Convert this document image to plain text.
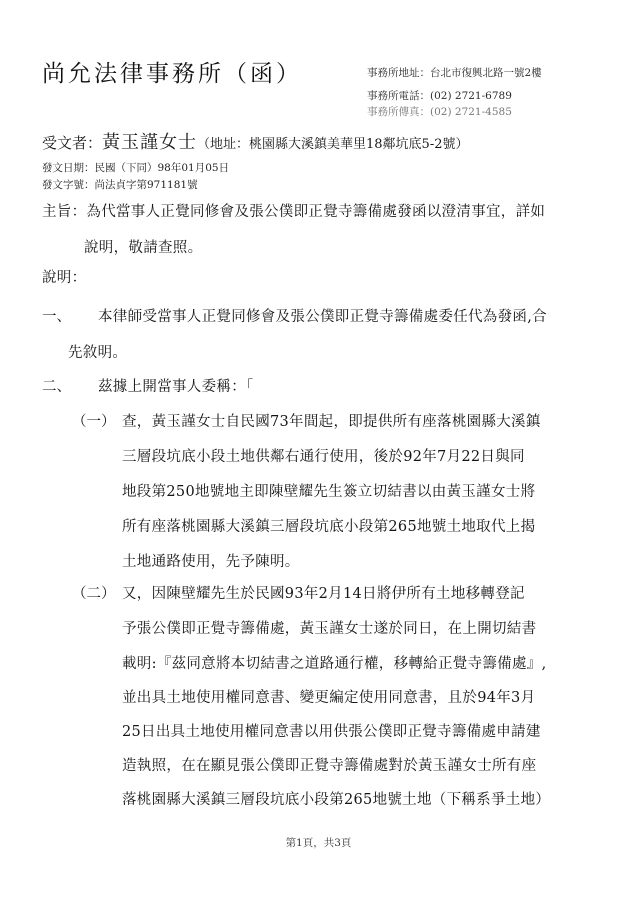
尚允法律事務所（函）	事務所地址：台北市復興北路一號2樓
事務所電話：(02) 2721-6789
事務所傳真：(02) 2721-4585
受文者：黃玉謹女士（地址：桃園縣大溪鎮美華里18鄰坑底5-2號）
發文日期：民國（下同）98年01月05日
發文字號：尚法貞字第971181號
主旨：為代當事人正覺同修會及張公僕即正覺寺籌備處發函以澄清事宜，詳如
說明，敬請查照。
說明：
一、 本律師受當事人正覺同修會及張公僕即正覺寺籌備處委任代為發函,合
先敘明。
二、 茲據上開當事人委稱：「
（一） 查，黃玉謹女士自民國73年間起，即提供所有座落桃園縣大溪鎮
三層段坑底小段土地供鄰右通行使用，後於92年7月22日與同
地段第250地號地主即陳壁耀先生簽立切結書以由黃玉謹女士將
所有座落桃園縣大溪鎮三層段坑底小段第265地號土地取代上揭
土地通路使用，先予陳明。
（二） 又，因陳壁耀先生於民國93年2月14日將伊所有土地移轉登記
予張公僕即正覺寺籌備處，黃玉謹女士遂於同日，在上開切結書
載明:『茲同意將本切結書之道路通行權，移轉給正覺寺籌備處』,
並出具土地使用權同意書、變更編定使用同意書，且於94年3月
25日出具土地使用權同意書以用供張公僕即正覺寺籌備處申請建
造執照，在在顯見張公僕即正覺寺籌備處對於黃玉謹女士所有座
落桃園縣大溪鎮三層段坑底小段第265地號土地（下稱系爭土地）
第1頁，共3頁
